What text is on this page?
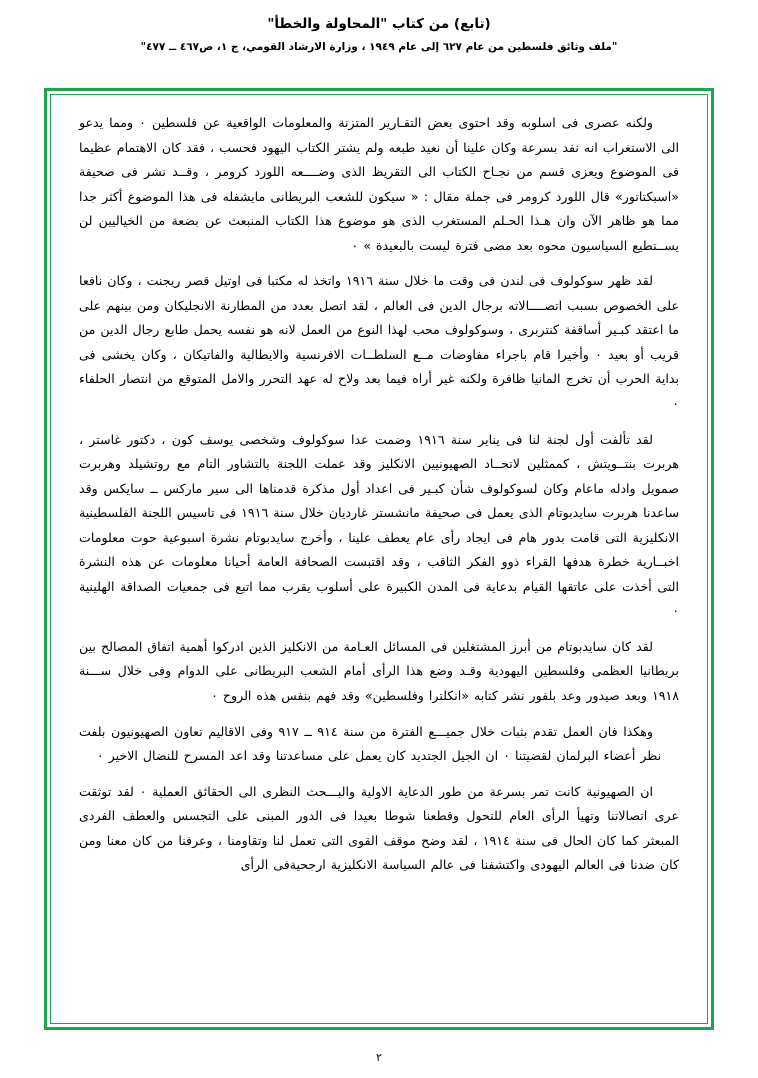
(تابع) من كتاب "المحاولة والخطأ"
"ملف وثائق فلسطين من عام ٦٢٧ إلى عام ١٩٤٩ ، وزارة الارشاد القومي، ج ١، ص٤٦٧ ــ ٤٧٧"

ولكنه عصرى فى اسلوبه وقد احتوى بعض التقـارير المتزنة والمعلومات الواقعية عن فلسطين ٠ ومما يدعو الى الاستغراب انه نفد بسرعة وكان علينا أن نعيد طبعه ولم يشتر الكتاب اليهود فحسب ، فقد كان الاهتمام عظيما فى الموضوع ويعزى قسم من نجـاح الكتاب الى التقريظ الذى وضــــعه اللورد كرومر ، وقــد نشر فى صحيفة «اسبكتاتور» قال اللورد كرومر فى جملة مقال : « سيكون للشعب البريطانى مايشفله فى هذا الموضوع أكثر جدا مما هو ظاهر الآن وان هـذا الحـلم المستغرب الذى هو موضوع هذا الكتاب المنبعث عن بضعة من الخياليين لن يســتطيع السياسيون محوه بعد مضى فترة ليست بالبعيدة » ٠

لقد ظهر سوكولوف فى لندن فى وقت ما خلال سنة ١٩١٦ واتخذ له مكتبا فى اوتيل قصر ريجنت ، وكان نافعا على الخصوص بسبب اتصــــالاته برجال الدين فى العالم ، لقد اتصل بعدد من المطارنة الانجليكان ومن بينهم على ما اعتقد كبـير أساقفة كنتربرى ، وسوكولوف محب لهذا النوع من العمل لانه هو نفسه يحمل طابع رجال الدين من قريب أو بعيد ٠ وأخيرا قام باجراء مفاوضات مــع السلطــات الافرنسية والايطالية والفاتيكان ، وكان يخشى فى بداية الحرب أن تخرج المانيا ظافرة ولكنه غير أراه فيما بعد ولاح له عهد التحرر والامل المتوقع من انتصار الحلفاء ٠

لقد تألفت أول لجنة لنا فى يناير سنة ١٩١٦ وضمت عدا سوكولوف وشخصى يوسف كون ، دكتور غاستر ، هربرت بنتــويتش ، كممثلين لاتحــاد الصهيونيين الانكليز وقد عملت اللجنة بالتشاور التام مع روتشيلد وهربرت صمويل وادله ماعام وكان لسوكولوف شأن كبـير فى اعداد أول مذكرة قدمناها الى سير ماركس ــ سايكس وقد ساعدنا هربرت سايدبوتام الذى يعمل فى صحيفة مانشستر غارديان خلال سنة ١٩١٦ فى تاسيس اللجنة الفلسطينية الانكليزية التى قامت بدور هام فى ايجاد رأى عام يعطف علينا ، وأخرج سايدبوتام نشرة اسبوعية حوت معلومات اخبــارية خطرة هدفها القراء ذوو الفكر الثاقب ، وقد اقتبست الصحافة العامة أحيانا معلومات عن هذه النشرة التى أخذت على عاتقها القيام بدعاية فى المدن الكبيرة على أسلوب يقرب مما اتبع فى جمعيات الصداقة الهلينية ٠

لقد كان سايدبوتام من أبرز المشتغلين فى المسائل العـامة من الانكليز الذين ادركوا أهمية اتفاق المصالح بين بريطانيا العظمى وفلسطين اليهودية وقـد وضع هذا الرأى أمام الشعب البريطانى على الدوام وفى خلال ســـنة ١٩١٨ وبعد صيدور وعد بلفور نشر كتابه «انكلترا وفلسطين» وقد فهم بنفس هذه الروح ٠

وهكذا فان العمل تقدم بثبات خلال جميـــع الفترة من سنة ٩١٤ ــ ٩١٧ وفى الاقاليم تعاون الصهيونيون بلفت نظر أعضاء البرلمان لقضيتنا ٠ ان الجيل الجتديد كان يعمل على مساعدتنا وقد اعد المسرح للنضال الاخير ٠

ان الصهيونية كانت تمر بسرعة من طور الدعاية الاولية والبـــحث النظرى الى الحقائق العملية ٠ لقد توثقت عرى اتصالاتنا وتهيأ الرأى العام للتحول وقطعنا شوطا بعيدا فى الدور المبنى على التجسس والعطف الفردى المبعثر كما كان الحال فى سنة ١٩١٤ ، لقد وضح موقف القوى التى تعمل لنا وتقاومنا ، وعرفنا من كان معنا ومن كان ضدنا فى العالم اليهودى واكتشفنا فى عالم السياسة الانكليزية ارجحيةفى الرأى

٢
